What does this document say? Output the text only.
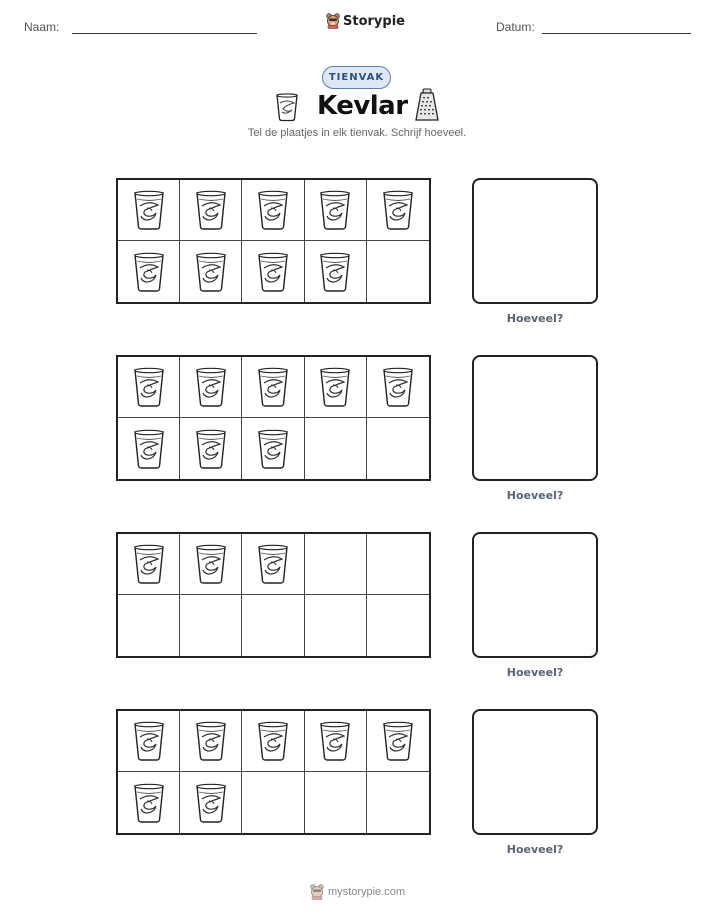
Naam:	Storypie	Datum:
TIENVAK
Kevlar
Tel de plaatjes in elk tienvak. Schrijf hoeveel.
Hoeveel?
Hoeveel?
Hoeveel?
Hoeveel?
mystorypie.com
